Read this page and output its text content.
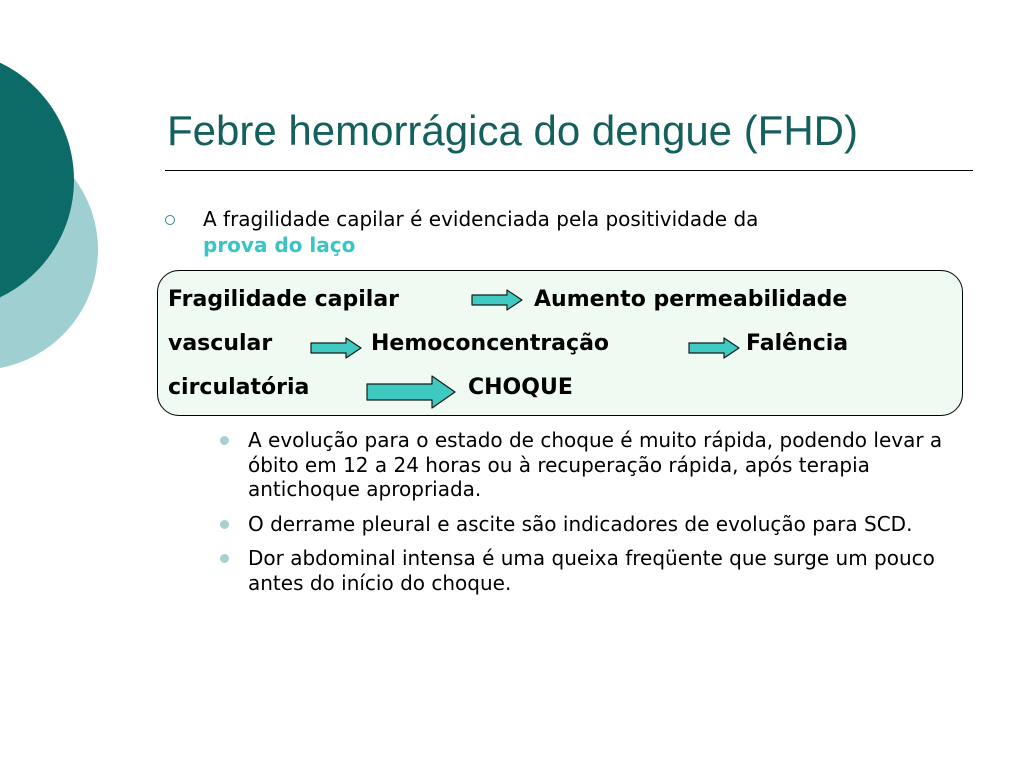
Febre hemorrágica do dengue (FHD)
A fragilidade capilar é evidenciada pela positividade da
prova do laço
Fragilidade capilar	Aumento permeabilidade
vascular	Hemoconcentração	Falência
circulatória	CHOQUE
A evolução para o estado de choque é muito rápida, podendo levar a óbito em 12 a 24 horas ou à recuperação rápida, após terapia antichoque apropriada.
O derrame pleural e ascite são indicadores de evolução para SCD.
Dor abdominal intensa é uma queixa freqüente que surge um pouco antes do início do choque.
